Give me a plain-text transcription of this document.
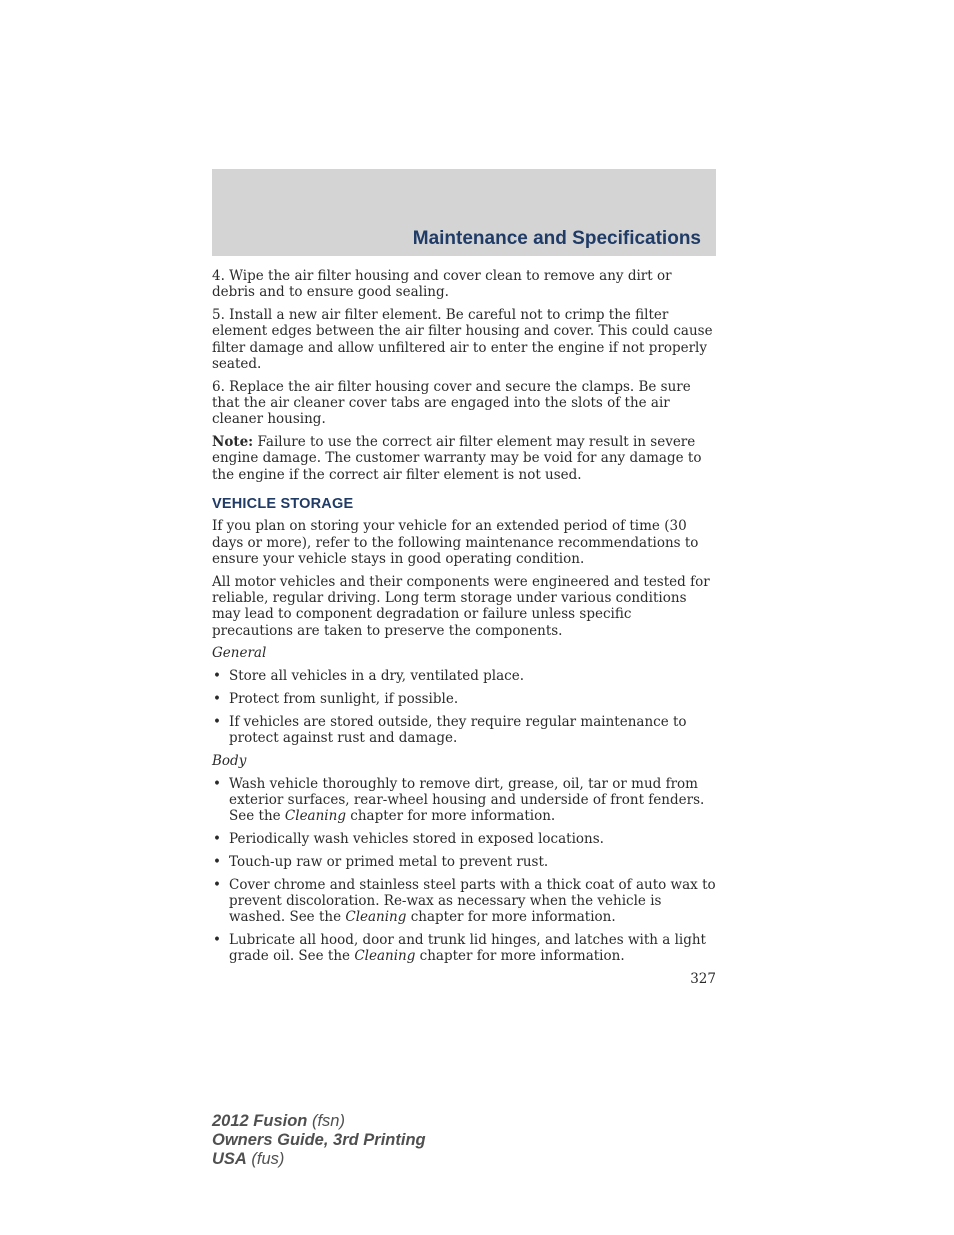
Maintenance and Specifications

4. Wipe the air filter housing and cover clean to remove any dirt or debris and to ensure good sealing.

5. Install a new air filter element. Be careful not to crimp the filter element edges between the air filter housing and cover. This could cause filter damage and allow unfiltered air to enter the engine if not properly seated.

6. Replace the air filter housing cover and secure the clamps. Be sure that the air cleaner cover tabs are engaged into the slots of the air cleaner housing.

Note: Failure to use the correct air filter element may result in severe engine damage. The customer warranty may be void for any damage to the engine if the correct air filter element is not used.

VEHICLE STORAGE

If you plan on storing your vehicle for an extended period of time (30 days or more), refer to the following maintenance recommendations to ensure your vehicle stays in good operating condition.

All motor vehicles and their components were engineered and tested for reliable, regular driving. Long term storage under various conditions may lead to component degradation or failure unless specific precautions are taken to preserve the components.

General

• Store all vehicles in a dry, ventilated place.
• Protect from sunlight, if possible.
• If vehicles are stored outside, they require regular maintenance to protect against rust and damage.

Body

• Wash vehicle thoroughly to remove dirt, grease, oil, tar or mud from exterior surfaces, rear-wheel housing and underside of front fenders. See the Cleaning chapter for more information.
• Periodically wash vehicles stored in exposed locations.
• Touch-up raw or primed metal to prevent rust.
• Cover chrome and stainless steel parts with a thick coat of auto wax to prevent discoloration. Re-wax as necessary when the vehicle is washed. See the Cleaning chapter for more information.
• Lubricate all hood, door and trunk lid hinges, and latches with a light grade oil. See the Cleaning chapter for more information.
327
2012 Fusion (fsn)
Owners Guide, 3rd Printing
USA (fus)
